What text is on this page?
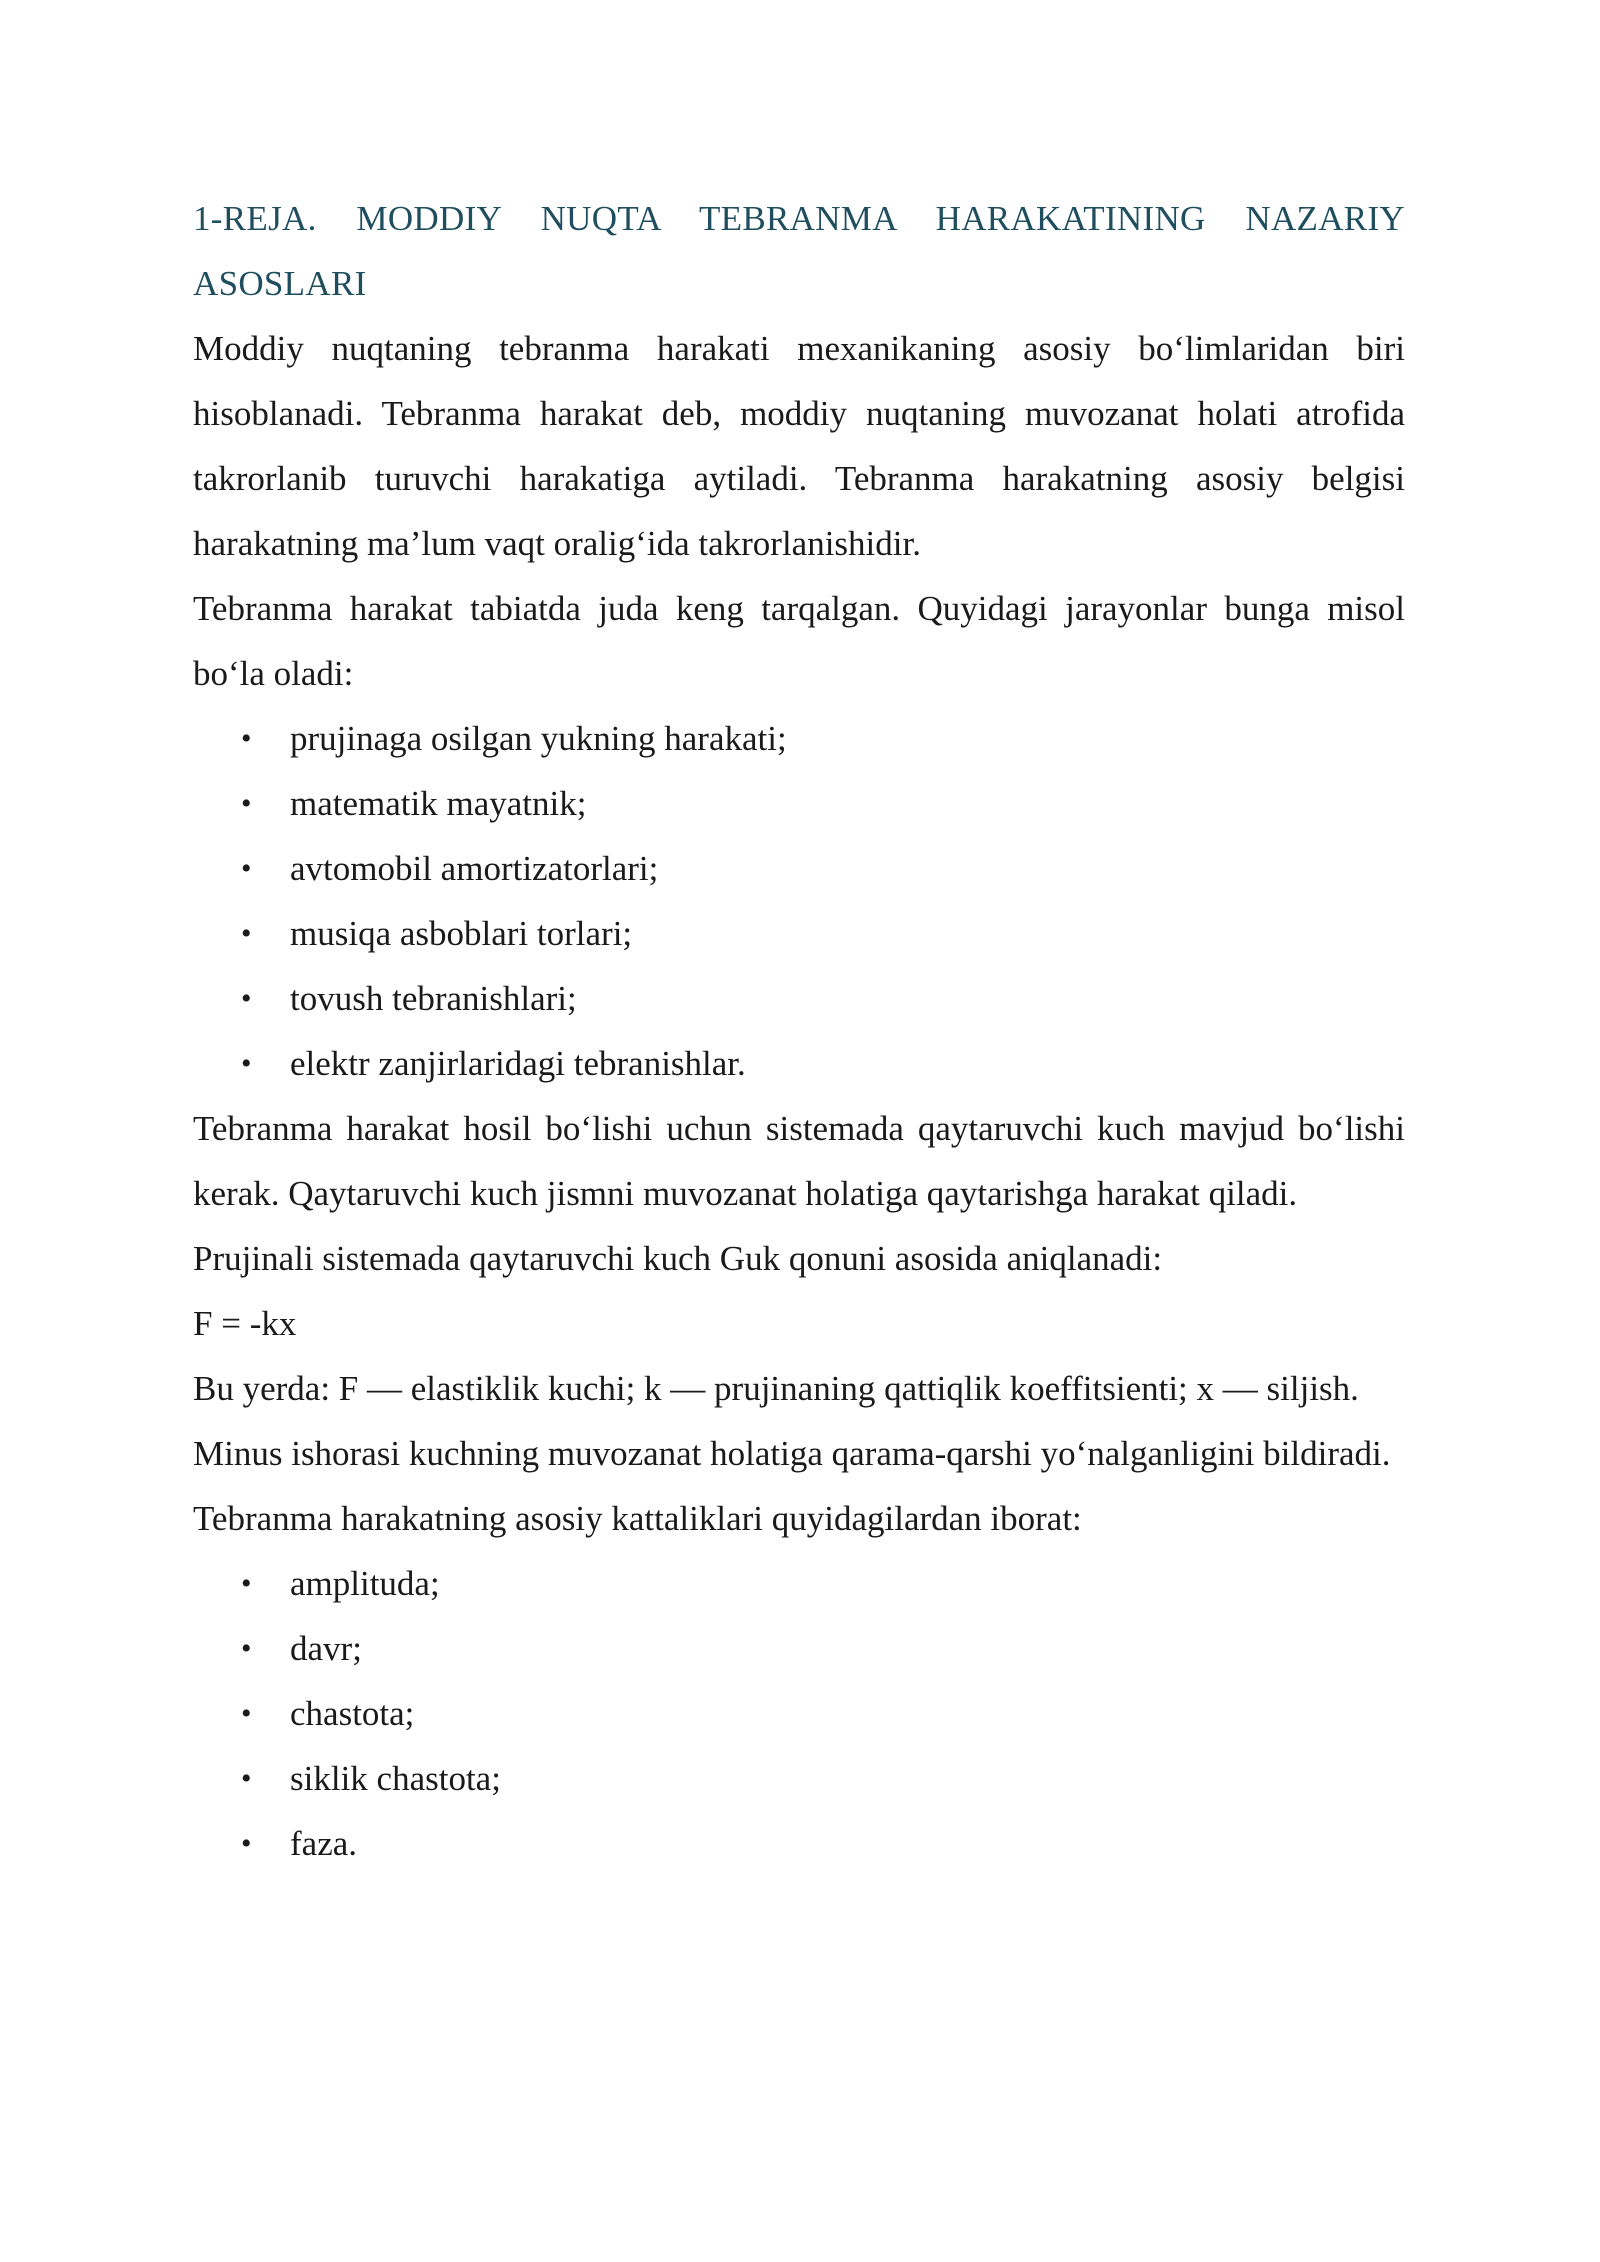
1-REJA. MODDIY NUQTA TEBRANMA HARAKATINING NAZARIY ASOSLARI

Moddiy nuqtaning tebranma harakati mexanikaning asosiy bo‘limlaridan biri hisoblanadi. Tebranma harakat deb, moddiy nuqtaning muvozanat holati atrofida takrorlanib turuvchi harakatiga aytiladi. Tebranma harakatning asosiy belgisi harakatning ma’lum vaqt oralig‘ida takrorlanishidir.

Tebranma harakat tabiatda juda keng tarqalgan. Quyidagi jarayonlar bunga misol bo‘la oladi:

• prujinaga osilgan yukning harakati;
• matematik mayatnik;
• avtomobil amortizatorlari;
• musiqa asboblari torlari;
• tovush tebranishlari;
• elektr zanjirlaridagi tebranishlar.

Tebranma harakat hosil bo‘lishi uchun sistemada qaytaruvchi kuch mavjud bo‘lishi kerak. Qaytaruvchi kuch jismni muvozanat holatiga qaytarishga harakat qiladi.

Prujinali sistemada qaytaruvchi kuch Guk qonuni asosida aniqlanadi:

F = -kx

Bu yerda: F — elastiklik kuchi; k — prujinaning qattiqlik koeffitsienti; x — siljish.

Minus ishorasi kuchning muvozanat holatiga qarama-qarshi yo‘nalganligini bildiradi.

Tebranma harakatning asosiy kattaliklari quyidagilardan iborat:

• amplituda;
• davr;
• chastota;
• siklik chastota;
• faza.
